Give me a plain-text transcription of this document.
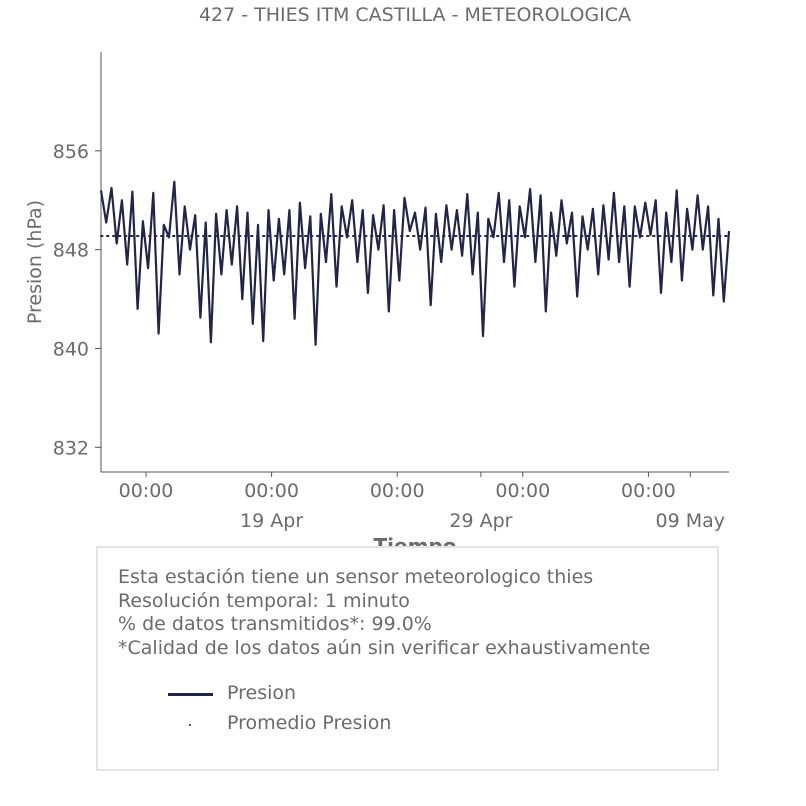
427 - THIES ITM CASTILLA - METEOROLOGICA
832
840
848
856
00:00	00:00
19 Apr
00:00
29 Apr
00:00	00:00
09 May
Presion (hPa)
Esta estación tiene un sensor meteorologico thies
Resolución temporal: 1 minuto
% de datos transmitidos*: 99.0%
*Calidad de los datos aún sin verificar exhaustivamente
Presion
Promedio Presion
